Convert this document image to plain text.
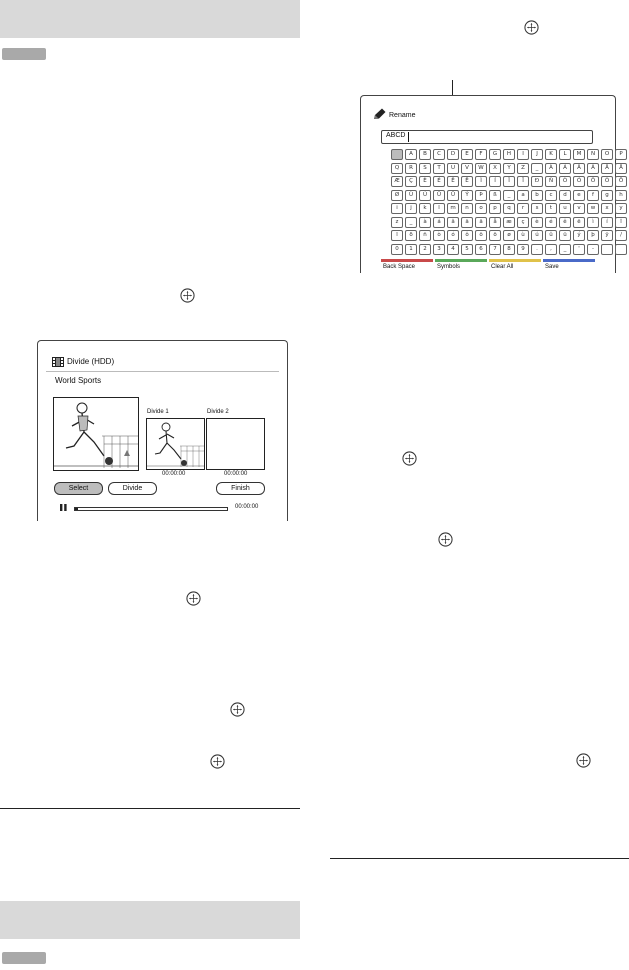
Divide (HDD)
World Sports
Divide 1	Divide 2
00:00:00	00:00:00
Select	Divide	Finish
00:00:00
Rename
ABCD
A	B	C	D	E	F	G	H	I	J	K	L	M	N	O	P
Q	R	S	T	U	V	W	X	Y	Z	_	À	Á	Â	Ã	Ä	Å
Æ	Ç	È	É	Ê	Ë	Ì	Í	Î	Ï	Ð	Ñ	Ò	Ó	Ô	Õ	Ö
Ø	Ù	Ú	Û	Ü	Ý	Þ	ß	_	a	b	c	d	e	f	g	h
i	j	k	l	m	n	o	p	q	r	s	t	u	v	w	x	y
z	_	à	á	â	ã	ä	å	æ	ç	è	é	ê	ë	ì	í	î
ï	ð	ñ	ò	ó	ô	õ	ö	ø	ù	ú	û	ü	ý	þ	ÿ	/
0	1	2	3	4	5	6	7	8	9	.	,	_	'	-
Back Space	Symbols	Clear All	Save
